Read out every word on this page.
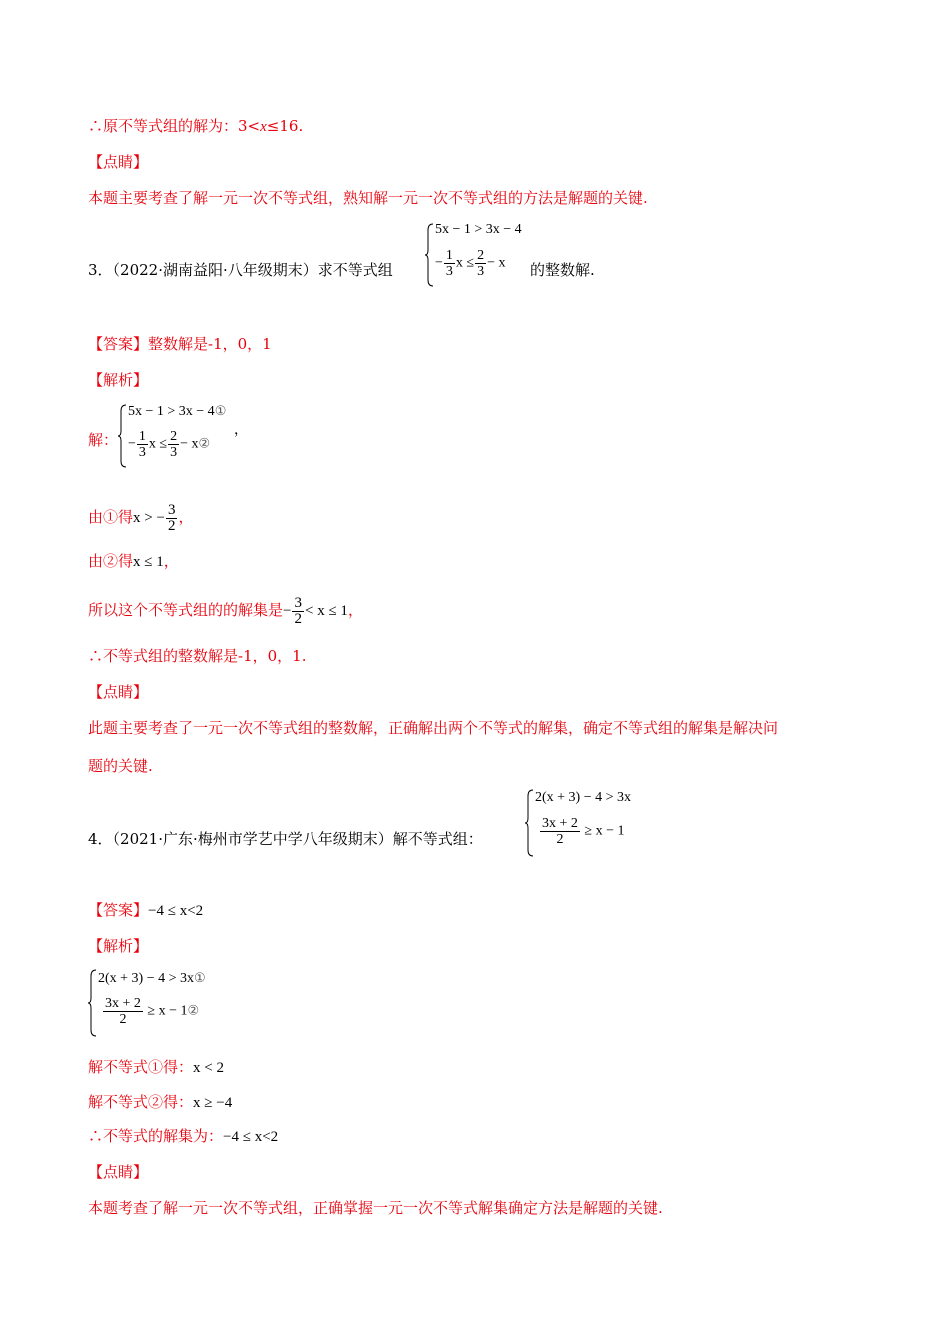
∴原不等式组的解为：3<x≤16.
【点睛】
本题主要考查了解一元一次不等式组，熟知解一元一次不等式组的方法是解题的关键.
3．（2022·湖南益阳·八年级期末）求不等式组
5x − 1 > 3x − 4
− $\frac{1}{3}$ $x \le \frac{2}{3} - x$ 的整数解.
【答案】整数解是-1，0，1
【解析】
解：
5x − 1 > 3x − 4①
− $\frac{1}{3}$ $x \le \frac{2}{3}$ − x②
，
由①得x > − $\frac{3}{2}$ ，
由②得x ≤ 1，
所以这个不等式组的的解集是− $\frac{3}{2} < x \le 1$，
∴不等式组的整数解是-1，0，1.
【点睛】
此题主要考查了一元一次不等式组的整数解，正确解出两个不等式的解集，确定不等式组的解集是解决问
题的关键.
4．（2021·广东·梅州市学艺中学八年级期末）解不等式组：
2(x + 3) − 4 > 3x
$\frac{3x + 2}{2} \ge x - 1$
【答案】−4 ≤ x<2
【解析】
2(x + 3) − 4 > 3x①
$\frac{3x + 2}{2} \ge x$ − 1②
解不等式①得：x < 2
解不等式②得：x ≥ −4
∴不等式的解集为：−4 ≤ x<2
【点睛】
本题考查了解一元一次不等式组，正确掌握一元一次不等式解集确定方法是解题的关键.
